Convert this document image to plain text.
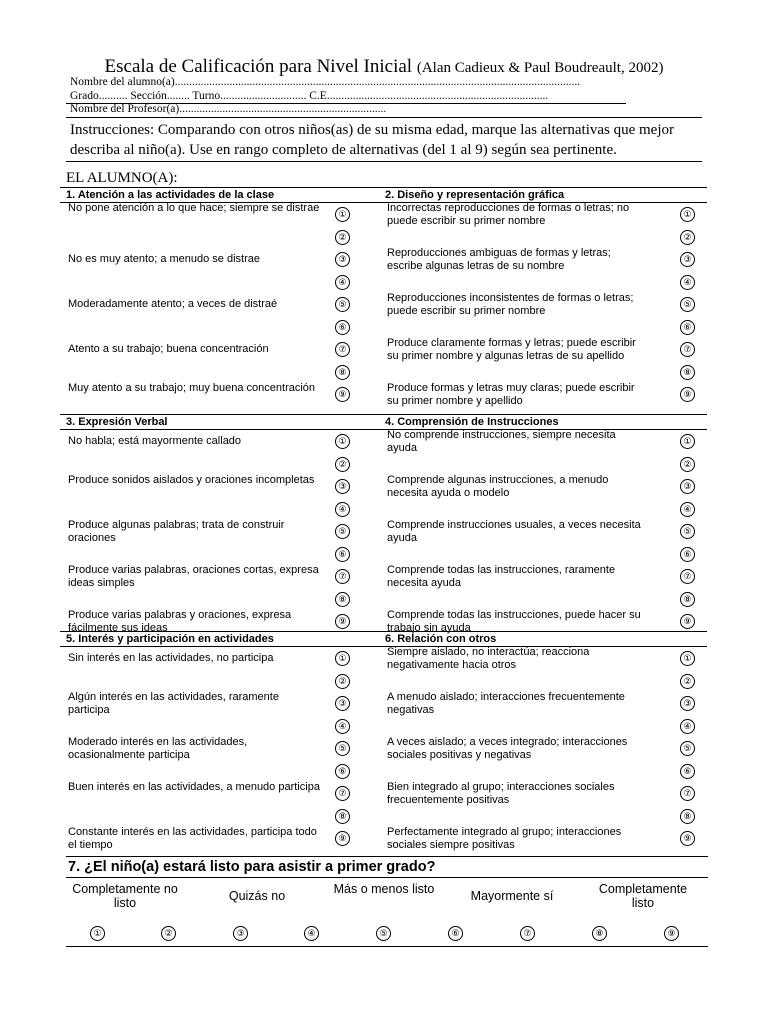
Escala de Calificación para Nivel Inicial (Alan Cadieux & Paul Boudreault, 2002)
Nombre del alumno(a).............................................................................................................................................
Grado.......... Sección........ Turno.............................. C.E.............................................................................
Nombre del Profesor(a)........................................................................
Instrucciones: Comparando con otros niños(as) de su misma edad, marque las alternativas que mejor describa al niño(a). Use en rango completo de alternativas (del 1 al 9) según sea pertinente.
EL ALUMNO(A):
1. Atención a las actividades de la clase
No pone atención a lo que hace; siempre se distrae	①
②
No es muy atento; a menudo se distrae	③
④
Moderadamente atento; a veces de distraé	⑤
⑥
Atento a su trabajo; buena concentración	⑦
⑧
Muy atento a su trabajo; muy buena concentración	⑨
2. Diseño y representación gráfica
Incorrectas reproducciones de formas o letras; no puede escribir su primer nombre
①
②
Reproducciones ambiguas de formas y letras; escribe algunas letras de su nombre
③
④
Reproducciones inconsistentes de formas o letras; puede escribir su primer nombre
⑤
⑥
Produce claramente formas y letras; puede escribir su primer nombre y algunas letras de su apellido
⑦
⑧
Produce formas y letras muy claras; puede escribir su primer nombre y apellido
⑨
3. Expresión Verbal
No habla; está mayormente callado	①
②
Produce sonidos aislados y oraciones incompletas	③
④
Produce algunas palabras; trata de construir oraciones
⑤
⑥
Produce varias palabras, oraciones cortas, expresa ideas simples
⑦
⑧
Produce varias palabras y oraciones, expresa fácilmente sus ideas
⑨
4. Comprensión de Instrucciones
No comprende instrucciones, siempre necesita ayuda
①
②
Comprende algunas instrucciones, a menudo necesita ayuda o modelo
③
④
Comprende instrucciones usuales, a veces necesita ayuda
⑤
⑥
Comprende todas las instrucciones, raramente necesita ayuda
⑦
⑧
Comprende todas las instrucciones, puede hacer su trabajo sin ayuda
⑨
5. Interés y participación en actividades
Sin interés en las actividades, no participa	①
②
Algún interés en las actividades, raramente participa
③
④
Moderado interés en las actividades, ocasionalmente participa
⑤
⑥
Buen interés en las actividades, a menudo participa	⑦
⑧
Constante interés en las actividades, participa todo el tiempo
⑨
6. Relación con otros
Siempre aislado, no interactúa; reacciona negativamente hacia otros
①
②
A menudo aislado; interacciones frecuentemente negativas
③
④
A veces aislado; a veces integrado; interacciones sociales positivas y negativas
⑤
⑥
Bien integrado al grupo; interacciones sociales frecuentemente positivas
⑦
⑧
Perfectamente integrado al grupo; interacciones sociales siempre positivas
⑨
7. ¿El niño(a) estará listo para asistir a primer grado?
Completamente no listo	Quizás no	Más o menos listo	Mayormente sí	Completamente listo
①	②	③	④	⑤	⑥	⑦	⑧	⑨
